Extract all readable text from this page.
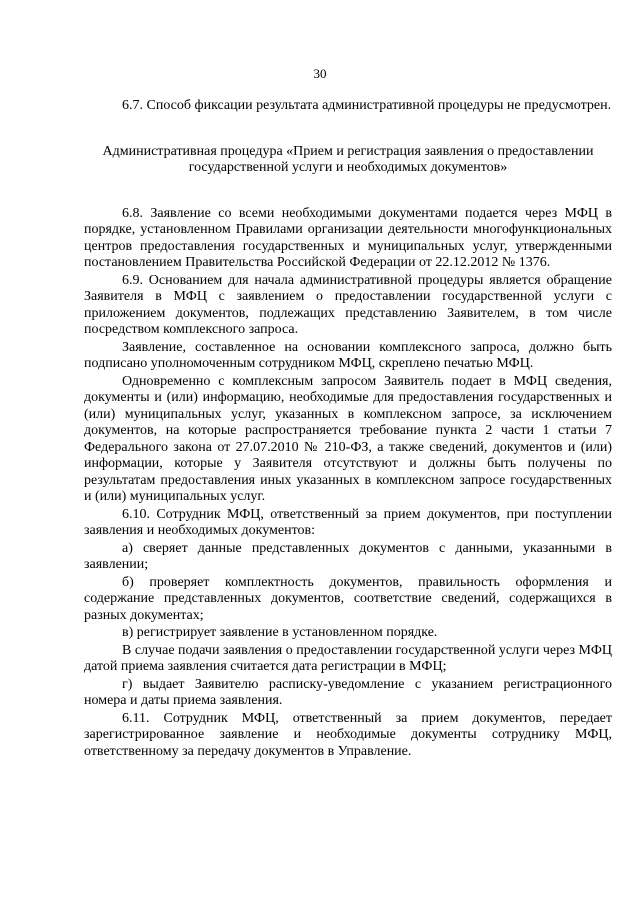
30

6.7. Способ фиксации результата административной процедуры не предусмотрен.

Административная процедура «Прием и регистрация заявления о предоставлении государственной услуги и необходимых документов»

6.8. Заявление со всеми необходимыми документами подается через МФЦ в порядке, установленном Правилами организации деятельности многофункциональных центров предоставления государственных и муниципальных услуг, утвержденными постановлением Правительства Российской Федерации от 22.12.2012 № 1376.

6.9. Основанием для начала административной процедуры является обращение Заявителя в МФЦ с заявлением о предоставлении государственной услуги с приложением документов, подлежащих представлению Заявителем, в том числе посредством комплексного запроса.

Заявление, составленное на основании комплексного запроса, должно быть подписано уполномоченным сотрудником МФЦ, скреплено печатью МФЦ.

Одновременно с комплексным запросом Заявитель подает в МФЦ сведения, документы и (или) информацию, необходимые для предоставления государственных и (или) муниципальных услуг, указанных в комплексном запросе, за исключением документов, на которые распространяется требование пункта 2 части 1 статьи 7 Федерального закона от 27.07.2010 № 210-ФЗ, а также сведений, документов и (или) информации, которые у Заявителя отсутствуют и должны быть получены по результатам предоставления иных указанных в комплексном запросе государственных и (или) муниципальных услуг.

6.10. Сотрудник МФЦ, ответственный за прием документов, при поступлении заявления и необходимых документов:

а) сверяет данные представленных документов с данными, указанными в заявлении;

б) проверяет комплектность документов, правильность оформления и содержание представленных документов, соответствие сведений, содержащихся в разных документах;

в) регистрирует заявление в установленном порядке.

В случае подачи заявления о предоставлении государственной услуги через МФЦ датой приема заявления считается дата регистрации в МФЦ;

г) выдает Заявителю расписку-уведомление с указанием регистрационного номера и даты приема заявления.

6.11. Сотрудник МФЦ, ответственный за прием документов, передает зарегистрированное заявление и необходимые документы сотруднику МФЦ, ответственному за передачу документов в Управление.
